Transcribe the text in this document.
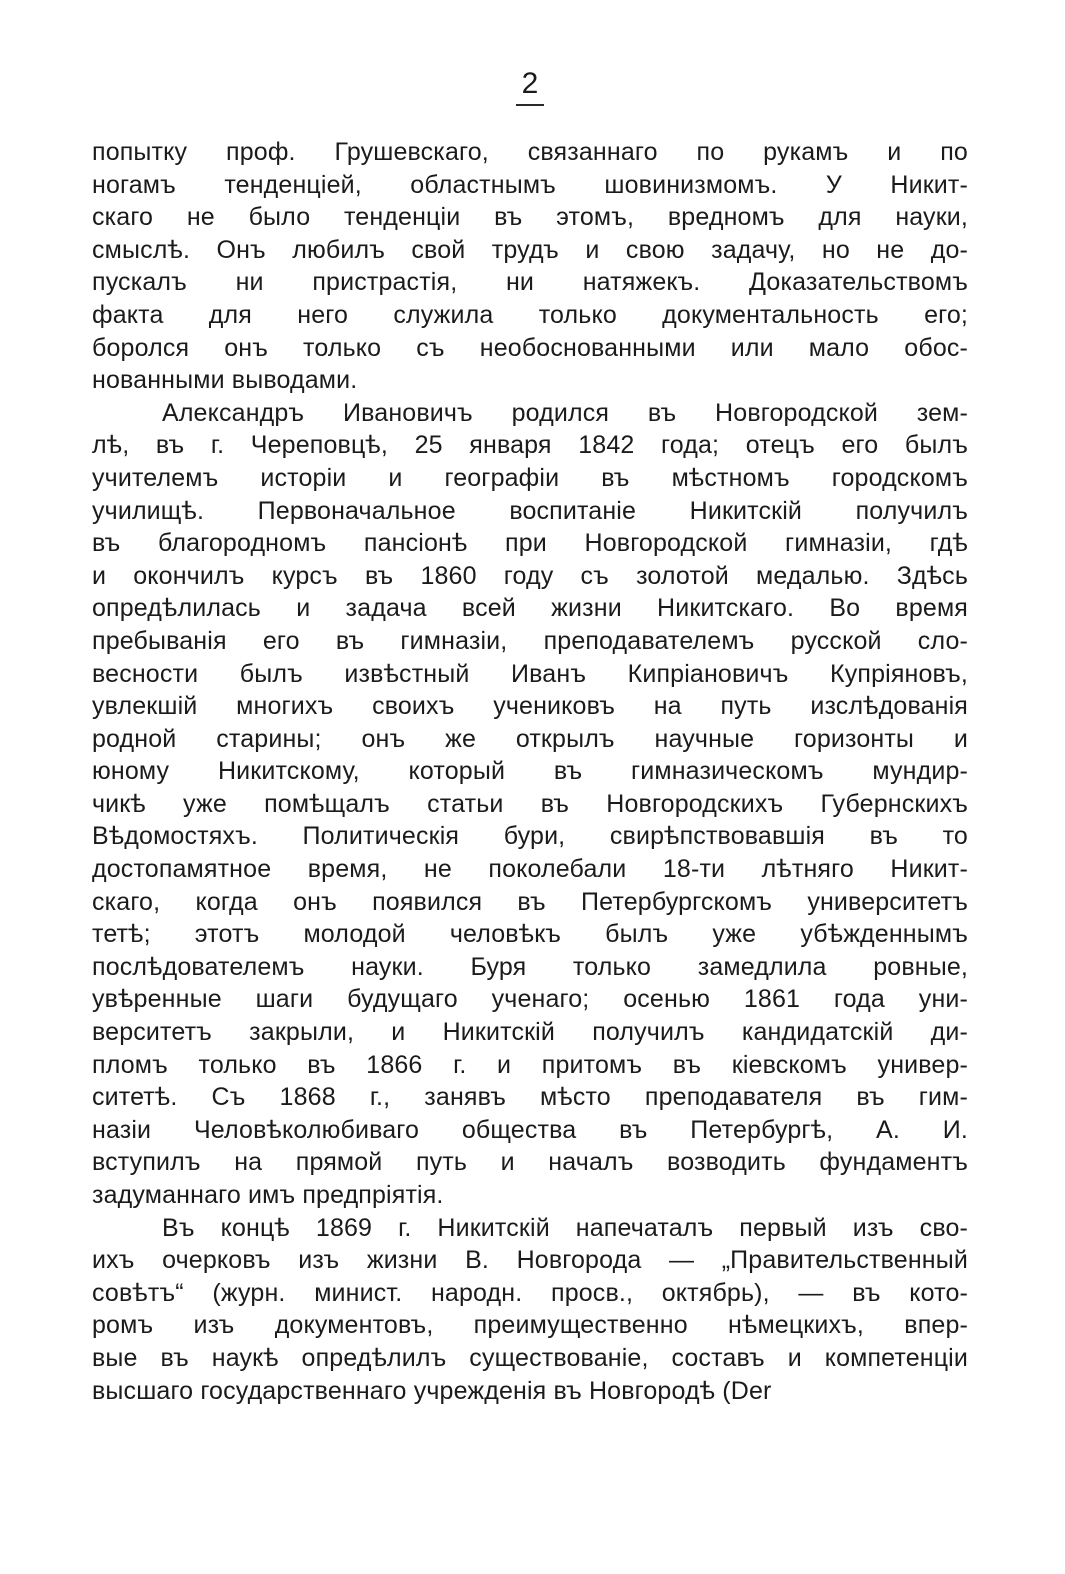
2
попытку проф. Грушевскаго, связаннаго по рукамъ и по
ногамъ тенденціей, областнымъ шовинизмомъ. У Никит-
скаго не было тенденціи въ этомъ, вредномъ для науки,
смыслѣ. Онъ любилъ свой трудъ и свою задачу, но не до-
пускалъ ни пристрастія, ни натяжекъ. Доказательствомъ
факта для него служила только документальность его;
боролся онъ только съ необоснованными или мало обос-
нованными выводами.
Александръ Ивановичъ родился въ Новгородской зем-
лѣ, въ г. Череповцѣ, 25 января 1842 года; отецъ его былъ
учителемъ исторіи и географіи въ мѣстномъ городскомъ
училищѣ. Первоначальное воспитаніе Никитскій получилъ
въ благородномъ пансіонѣ при Новгородской гимназіи, гдѣ
и окончилъ курсъ въ 1860 году съ золотой медалью. Здѣсь
опредѣлилась и задача всей жизни Никитскаго. Во время
пребыванія его въ гимназіи, преподавателемъ русской сло-
весности былъ извѣстный Иванъ Кипріановичъ Купріяновъ,
увлекшій многихъ своихъ учениковъ на путь изслѣдованія
родной старины; онъ же открылъ научные горизонты и
юному Никитскому, который въ гимназическомъ мундир-
чикѣ уже помѣщалъ статьи въ Новгородскихъ Губернскихъ
Вѣдомостяхъ. Политическія бури, свирѣпствовавшія въ то
достопамятное время, не поколебали 18-ти лѣтняго Никит-
скаго, когда онъ появился въ Петербургскомъ университетъ
тетѣ; этотъ молодой человѣкъ былъ уже убѣжденнымъ
послѣдователемъ науки. Буря только замедлила ровные,
увѣренные шаги будущаго ученаго; осенью 1861 года уни-
верситетъ закрыли, и Никитскій получилъ кандидатскій ди-
пломъ только въ 1866 г. и притомъ въ кіевскомъ универ-
ситетѣ. Съ 1868 г., занявъ мѣсто преподавателя въ гим-
назіи Человѣколюбиваго общества въ Петербургѣ, А. И.
вступилъ на прямой путь и началъ возводить фундаментъ
задуманнаго имъ предпріятія.
Въ концѣ 1869 г. Никитскій напечаталъ первый изъ сво-
ихъ очерковъ изъ жизни В. Новгорода — „Правительственный
совѣтъ“ (журн. минист. народн. просв., октябрь), — въ кото-
ромъ изъ документовъ, преимущественно нѣмецкихъ, впер-
вые въ наукѣ опредѣлилъ существованіе, составъ и компетенціи
высшаго государственнаго учрежденія въ Новгородѣ (Der
